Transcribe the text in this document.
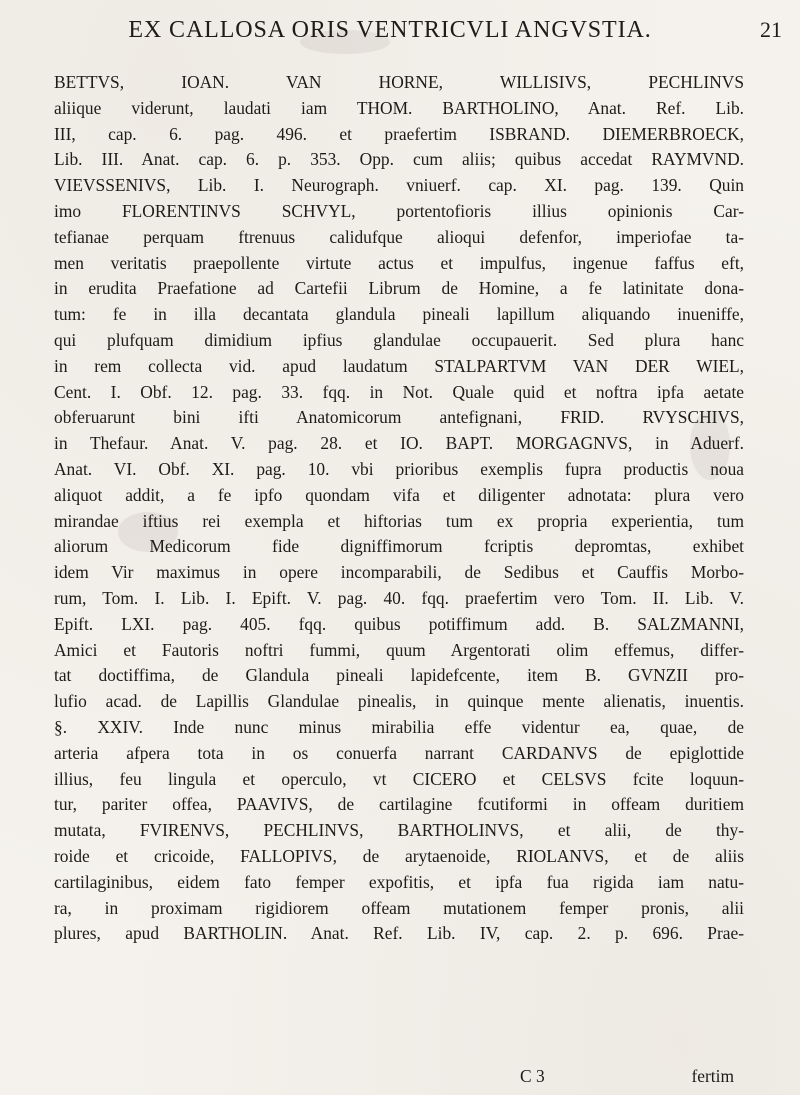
EX CALLOSA ORIS VENTRICVLI ANGVSTIA.	21
BETTVS, IOAN. VAN HORNE, WILLISIVS, PECHLINVS
aliique viderunt, laudati iam THOM. BARTHOLINO, Anat. Ref. Lib.
III, cap. 6. pag. 496. et praefertim ISBRAND. DIEMERBROECK,
Lib. III. Anat. cap. 6. p. 353. Opp. cum aliis; quibus accedat RAYMVND.
VIEVSSENIVS, Lib. I. Neurograph. vniuerf. cap. XI. pag. 139. Quin
imo FLORENTINVS SCHVYL, portentofioris illius opinionis Car-
tefianae perquam ftrenuus calidufque alioqui defenfor, imperiofae ta-
men veritatis praepollente virtute actus et impulfus, ingenue faffus eft,
in erudita Praefatione ad Cartefii Librum de Homine, a fe latinitate dona-
tum: fe in illa decantata glandula pineali lapillum aliquando inueniffe,
qui plufquam dimidium ipfius glandulae occupauerit. Sed plura hanc
in rem collecta vid. apud laudatum STALPARTVM VAN DER WIEL,
Cent. I. Obf. 12. pag. 33. fqq. in Not. Quale quid et noftra ipfa aetate
obferuarunt bini ifti Anatomicorum antefignani, FRID. RVYSCHIVS,
in Thefaur. Anat. V. pag. 28. et IO. BAPT. MORGAGNVS, in Aduerf.
Anat. VI. Obf. XI. pag. 10. vbi prioribus exemplis fupra productis noua
aliquot addit, a fe ipfo quondam vifa et diligenter adnotata: plura vero
mirandae iftius rei exempla et hiftorias tum ex propria experientia, tum
aliorum Medicorum fide digniffimorum fcriptis depromtas, exhibet
idem Vir maximus in opere incomparabili, de Sedibus et Cauffis Morbo-
rum, Tom. I. Lib. I. Epift. V. pag. 40. fqq. praefertim vero Tom. II. Lib. V.
Epift. LXI. pag. 405. fqq. quibus potiffimum add. B. SALZMANNI,
Amici et Fautoris noftri fummi, quum Argentorati olim effemus, differ-
tat doctiffima, de Glandula pineali lapidefcente, item B. GVNZII pro-
lufio acad. de Lapillis Glandulae pinealis, in quinque mente alienatis, inuentis.
§. XXIV. Inde nunc minus mirabilia effe videntur ea, quae, de
arteria afpera tota in os conuerfa narrant CARDANVS de epiglottide
illius, feu lingula et operculo, vt CICERO et CELSVS fcite loquun-
tur, pariter offea, PAAVIVS, de cartilagine fcutiformi in offeam duritiem
mutata, FVIRENVS, PECHLINVS, BARTHOLINVS, et alii, de thy-
roide et cricoide, FALLOPIVS, de arytaenoide, RIOLANVS, et de aliis
cartilaginibus, eidem fato femper expofitis, et ipfa fua rigida iam natu-
ra, in proximam rigidiorem offeam mutationem femper pronis, alii
plures, apud BARTHOLIN. Anat. Ref. Lib. IV, cap. 2. p. 696. Prae-
C 3	fertim
